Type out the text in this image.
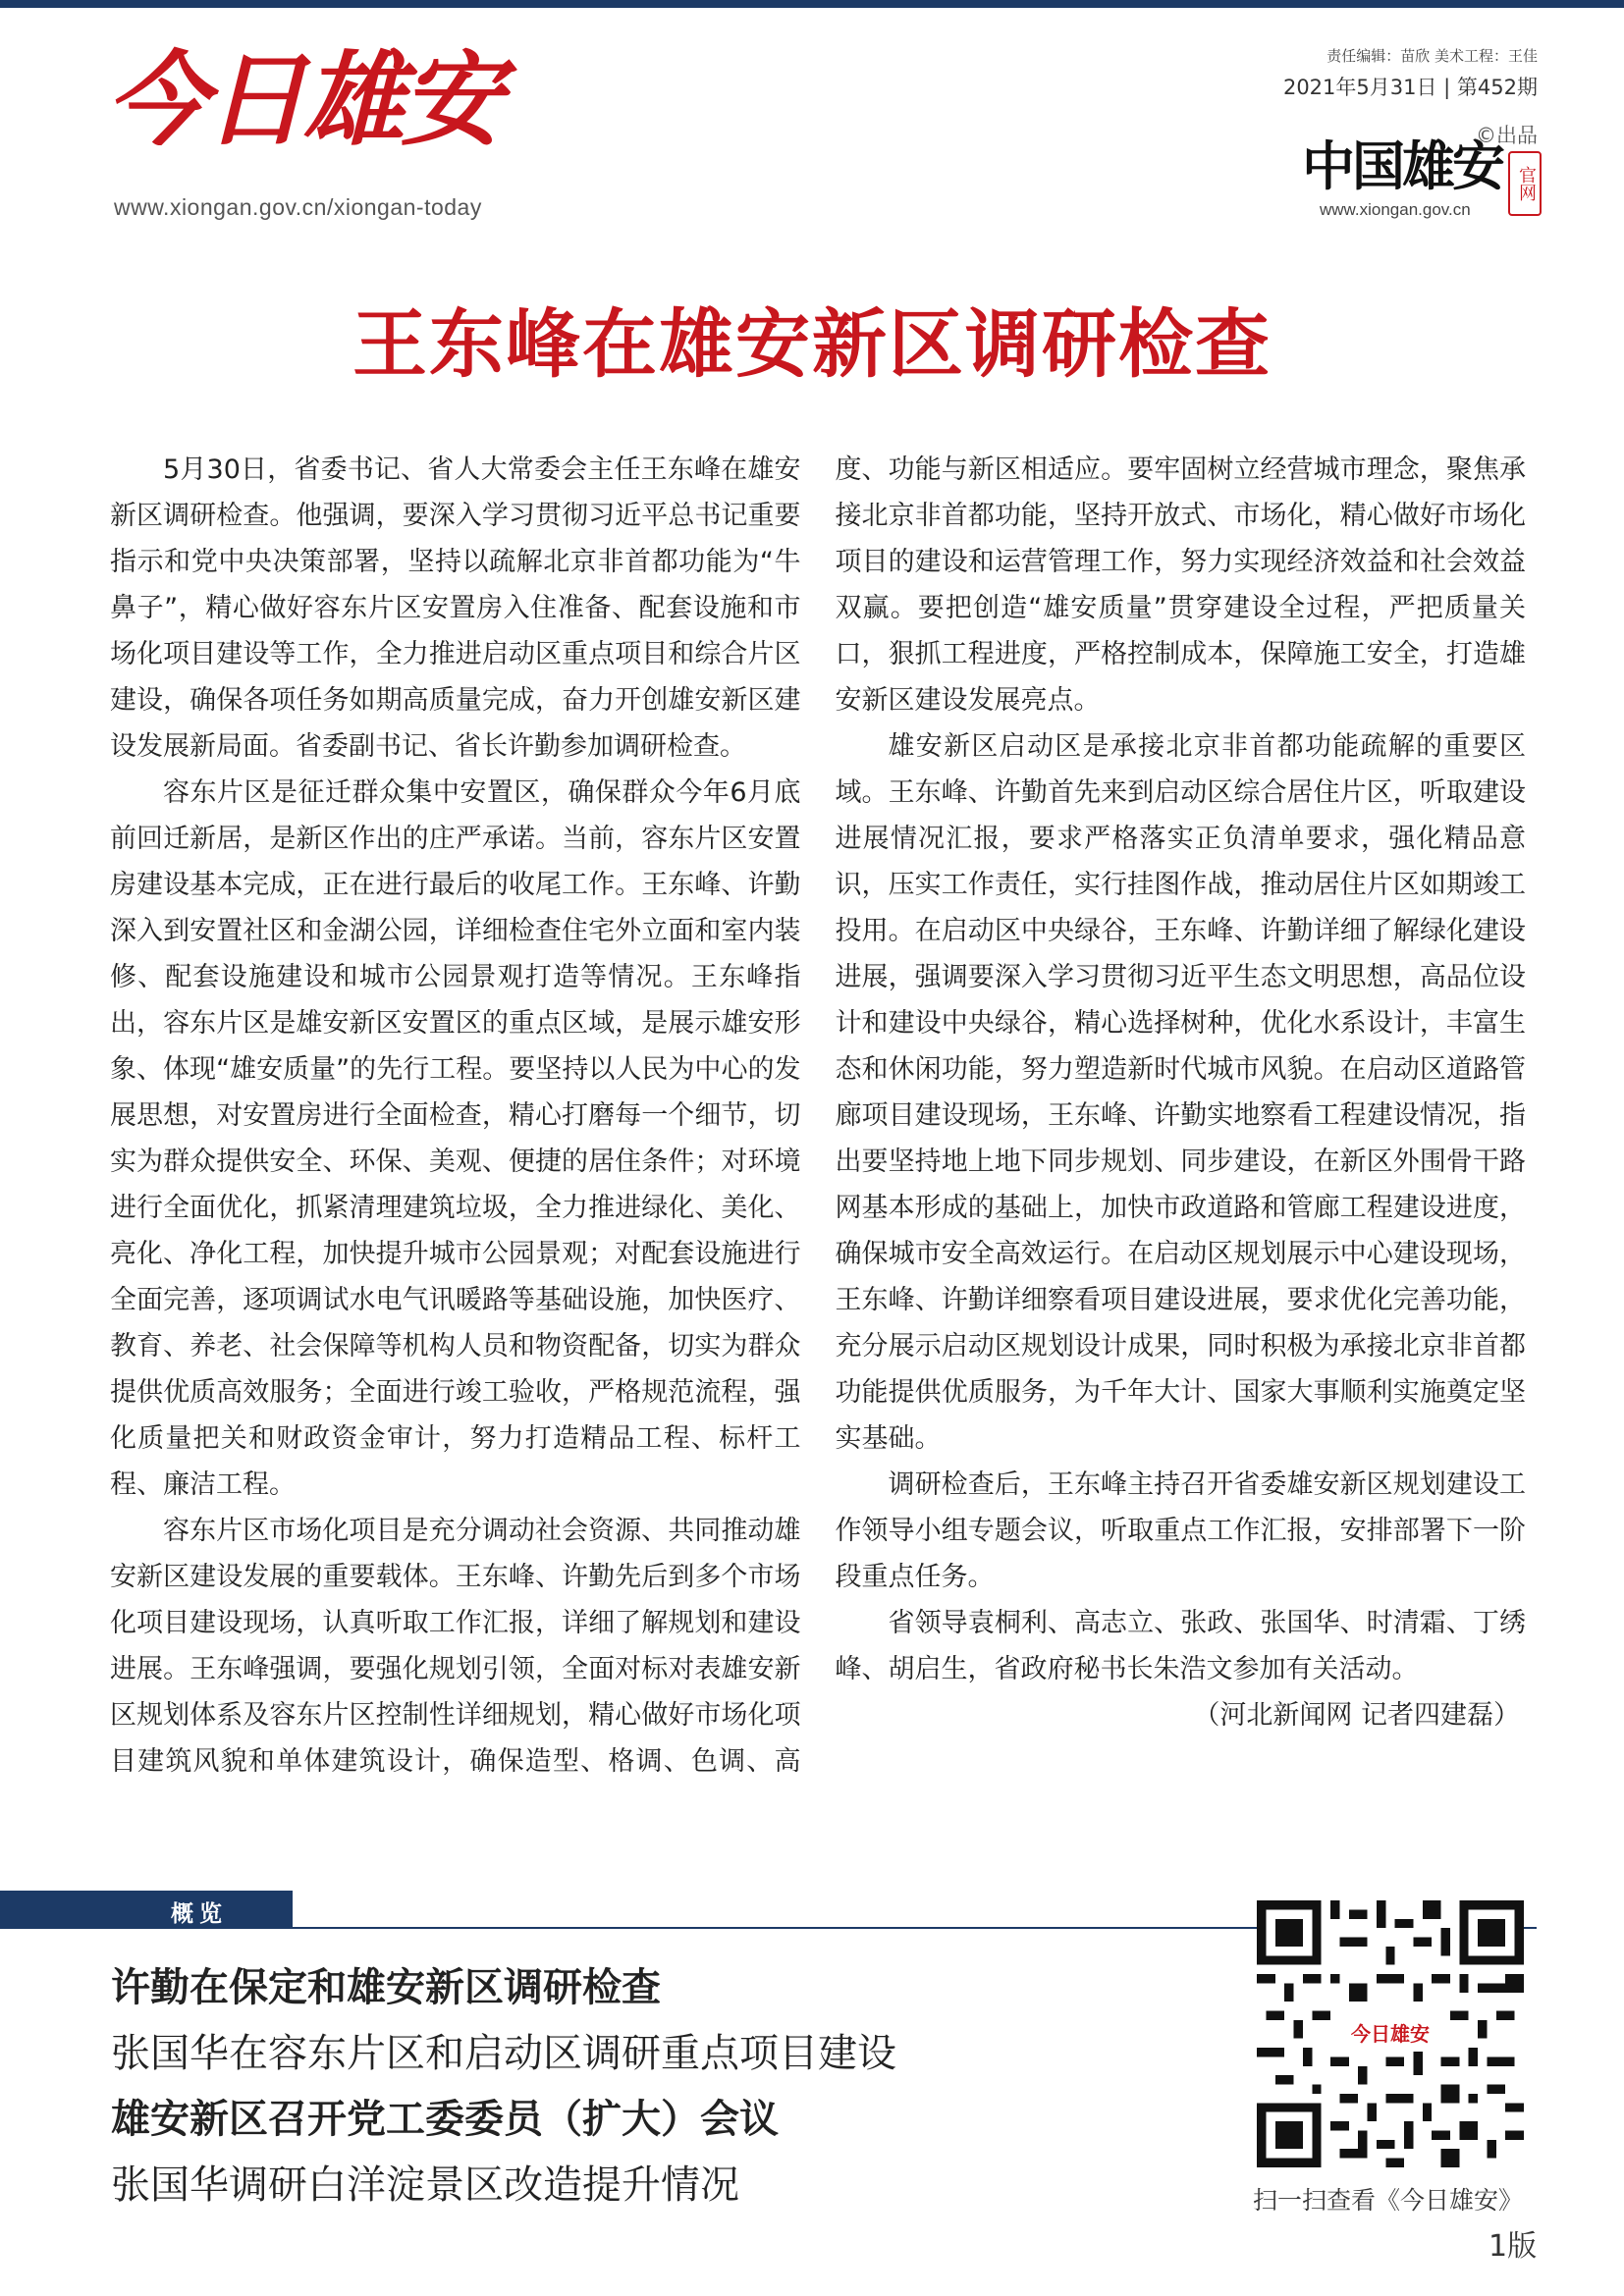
今日雄安
www.xiongan.gov.cn/xiongan-today
责任编辑：苗欣 美术工程：王佳
2021年5月31日 | 第452期
©出品
中国雄安 官网
www.xiongan.gov.cn
王东峰在雄安新区调研检查

5月30日，省委书记、省人大常委会主任王东峰在雄安新区调研检查。他强调，要深入学习贯彻习近平总书记重要指示和党中央决策部署，坚持以疏解北京非首都功能为“牛鼻子”，精心做好容东片区安置房入住准备、配套设施和市场化项目建设等工作，全力推进启动区重点项目和综合片区建设，确保各项任务如期高质量完成，奋力开创雄安新区建设发展新局面。省委副书记、省长许勤参加调研检查。

容东片区是征迁群众集中安置区，确保群众今年6月底前回迁新居，是新区作出的庄严承诺。当前，容东片区安置房建设基本完成，正在进行最后的收尾工作。王东峰、许勤深入到安置社区和金湖公园，详细检查住宅外立面和室内装修、配套设施建设和城市公园景观打造等情况。王东峰指出，容东片区是雄安新区安置区的重点区域，是展示雄安形象、体现“雄安质量”的先行工程。要坚持以人民为中心的发展思想，对安置房进行全面检查，精心打磨每一个细节，切实为群众提供安全、环保、美观、便捷的居住条件；对环境进行全面优化，抓紧清理建筑垃圾，全力推进绿化、美化、亮化、净化工程，加快提升城市公园景观；对配套设施进行全面完善，逐项调试水电气讯暖路等基础设施，加快医疗、教育、养老、社会保障等机构人员和物资配备，切实为群众提供优质高效服务；全面进行竣工验收，严格规范流程，强化质量把关和财政资金审计，努力打造精品工程、标杆工程、廉洁工程。

容东片区市场化项目是充分调动社会资源、共同推动雄安新区建设发展的重要载体。王东峰、许勤先后到多个市场化项目建设现场，认真听取工作汇报，详细了解规划和建设进展。王东峰强调，要强化规划引领，全面对标对表雄安新区规划体系及容东片区控制性详细规划，精心做好市场化项目建筑风貌和单体建筑设计，确保造型、格调、色调、高度、功能与新区相适应。要牢固树立经营城市理念，聚焦承接北京非首都功能，坚持开放式、市场化，精心做好市场化项目的建设和运营管理工作，努力实现经济效益和社会效益双赢。要把创造“雄安质量”贯穿建设全过程，严把质量关口，狠抓工程进度，严格控制成本，保障施工安全，打造雄安新区建设发展亮点。

雄安新区启动区是承接北京非首都功能疏解的重要区域。王东峰、许勤首先来到启动区综合居住片区，听取建设进展情况汇报，要求严格落实正负清单要求，强化精品意识，压实工作责任，实行挂图作战，推动居住片区如期竣工投用。在启动区中央绿谷，王东峰、许勤详细了解绿化建设进展，强调要深入学习贯彻习近平生态文明思想，高品位设计和建设中央绿谷，精心选择树种，优化水系设计，丰富生态和休闲功能，努力塑造新时代城市风貌。在启动区道路管廊项目建设现场，王东峰、许勤实地察看工程建设情况，指出要坚持地上地下同步规划、同步建设，在新区外围骨干路网基本形成的基础上，加快市政道路和管廊工程建设进度，确保城市安全高效运行。在启动区规划展示中心建设现场，王东峰、许勤详细察看项目建设进展，要求优化完善功能，充分展示启动区规划设计成果，同时积极为承接北京非首都功能提供优质服务，为千年大计、国家大事顺利实施奠定坚实基础。

调研检查后，王东峰主持召开省委雄安新区规划建设工作领导小组专题会议，听取重点工作汇报，安排部署下一阶段重点任务。

省领导袁桐利、高志立、张政、张国华、时清霜、丁绣峰、胡启生，省政府秘书长朱浩文参加有关活动。

（河北新闻网 记者四建磊）

概览
许勤在保定和雄安新区调研检查
张国华在容东片区和启动区调研重点项目建设
雄安新区召开党工委委员（扩大）会议
张国华调研白洋淀景区改造提升情况
今日雄安
扫一扫查看《今日雄安》
1版
